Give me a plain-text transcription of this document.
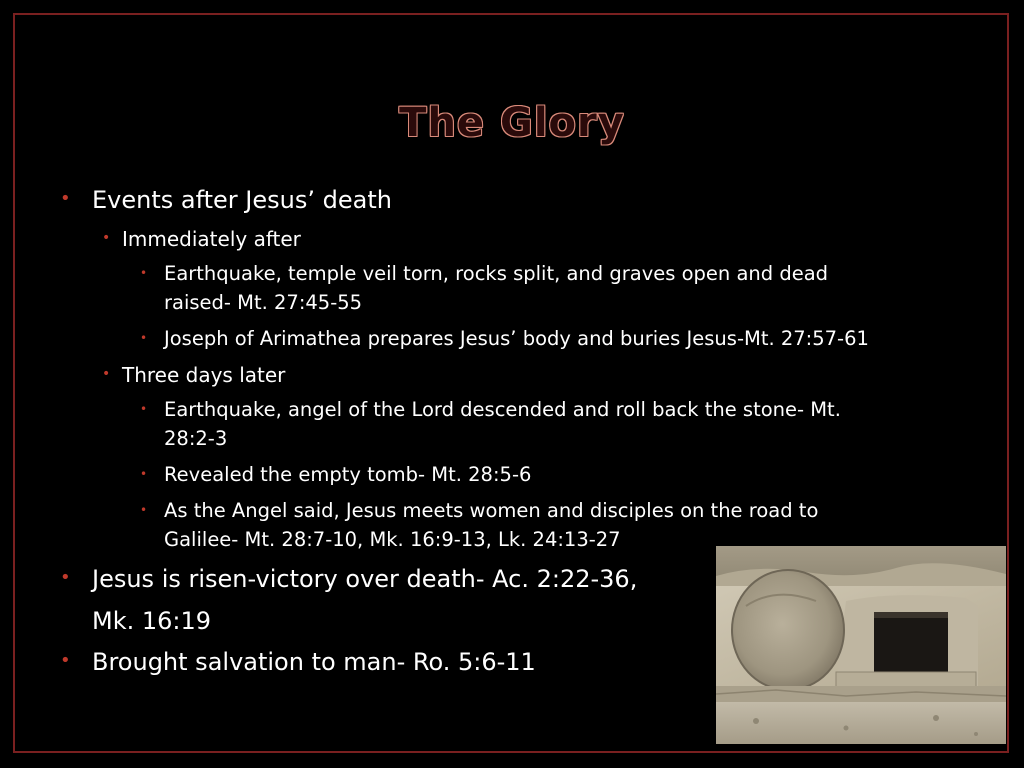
The Glory
• Events after Jesus’ death
• Immediately after
• Earthquake, temple veil torn, rocks split, and graves open and dead
raised- Mt. 27:45-55
• Joseph of Arimathea prepares Jesus’ body and buries Jesus-Mt. 27:57-61
• Three days later
• Earthquake, angel of the Lord descended and roll back the stone- Mt.
28:2-3
• Revealed the empty tomb- Mt. 28:5-6
• As the Angel said, Jesus meets women and disciples on the road to
Galilee- Mt. 28:7-10, Mk. 16:9-13, Lk. 24:13-27
• Jesus is risen-victory over death- Ac. 2:22-36,
Mk. 16:19
• Brought salvation to man- Ro. 5:6-11
